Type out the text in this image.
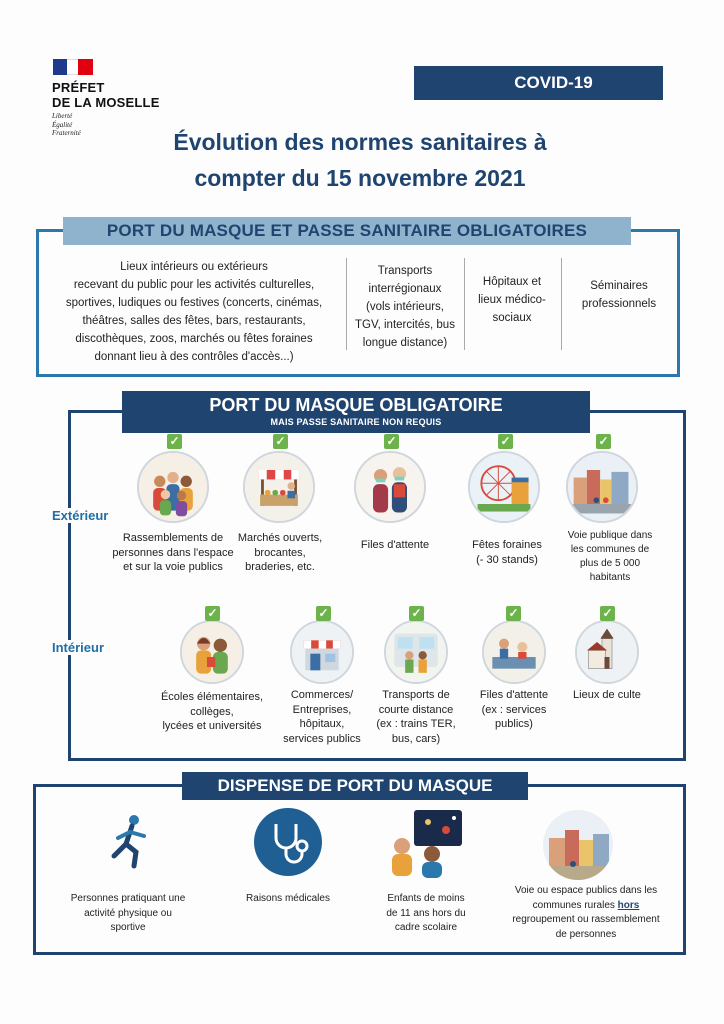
PRÉFET
DE LA MOSELLE
Liberté
Égalité
Fraternité
COVID-19
Évolution des normes sanitaires à
compter du 15 novembre 2021
PORT DU MASQUE ET PASSE SANITAIRE OBLIGATOIRES
Lieux intérieurs ou extérieurs
recevant du public pour les activités culturelles,
sportives, ludiques ou festives (concerts, cinémas,
théâtres, salles des fêtes, bars, restaurants,
discothèques, zoos, marchés ou fêtes foraines
donnant lieu à des contrôles d'accès...)
Transports
interrégionaux
(vols intérieurs,
TGV, intercités, bus
longue distance)
Hôpitaux et
lieux médico-
sociaux
Séminaires
professionnels
PORT DU MASQUE OBLIGATOIRE
MAIS PASSE SANITAIRE NON REQUIS
Extérieur
Intérieur
✓	✓	✓	✓	✓
Rassemblements de
personnes dans l'espace
et sur la voie publics
Marchés ouverts,
brocantes,
braderies, etc.
Files d'attente	Fêtes foraines
(- 30 stands)
Voie publique dans
les communes de
plus de 5 000
habitants
✓	✓	✓	✓	✓
Écoles élémentaires,
collèges,
lycées et universités
Commerces/
Entreprises,
hôpitaux,
services publics
Transports de
courte distance
(ex : trains TER,
bus, cars)
Files d'attente
(ex : services
publics)
Lieux de culte
DISPENSE DE PORT DU MASQUE
Personnes pratiquant une
activité physique ou
sportive
Raisons médicales	Enfants de moins
de 11 ans hors du
cadre scolaire
Voie ou espace publics dans les
communes rurales hors
regroupement ou rassemblement
de personnes
